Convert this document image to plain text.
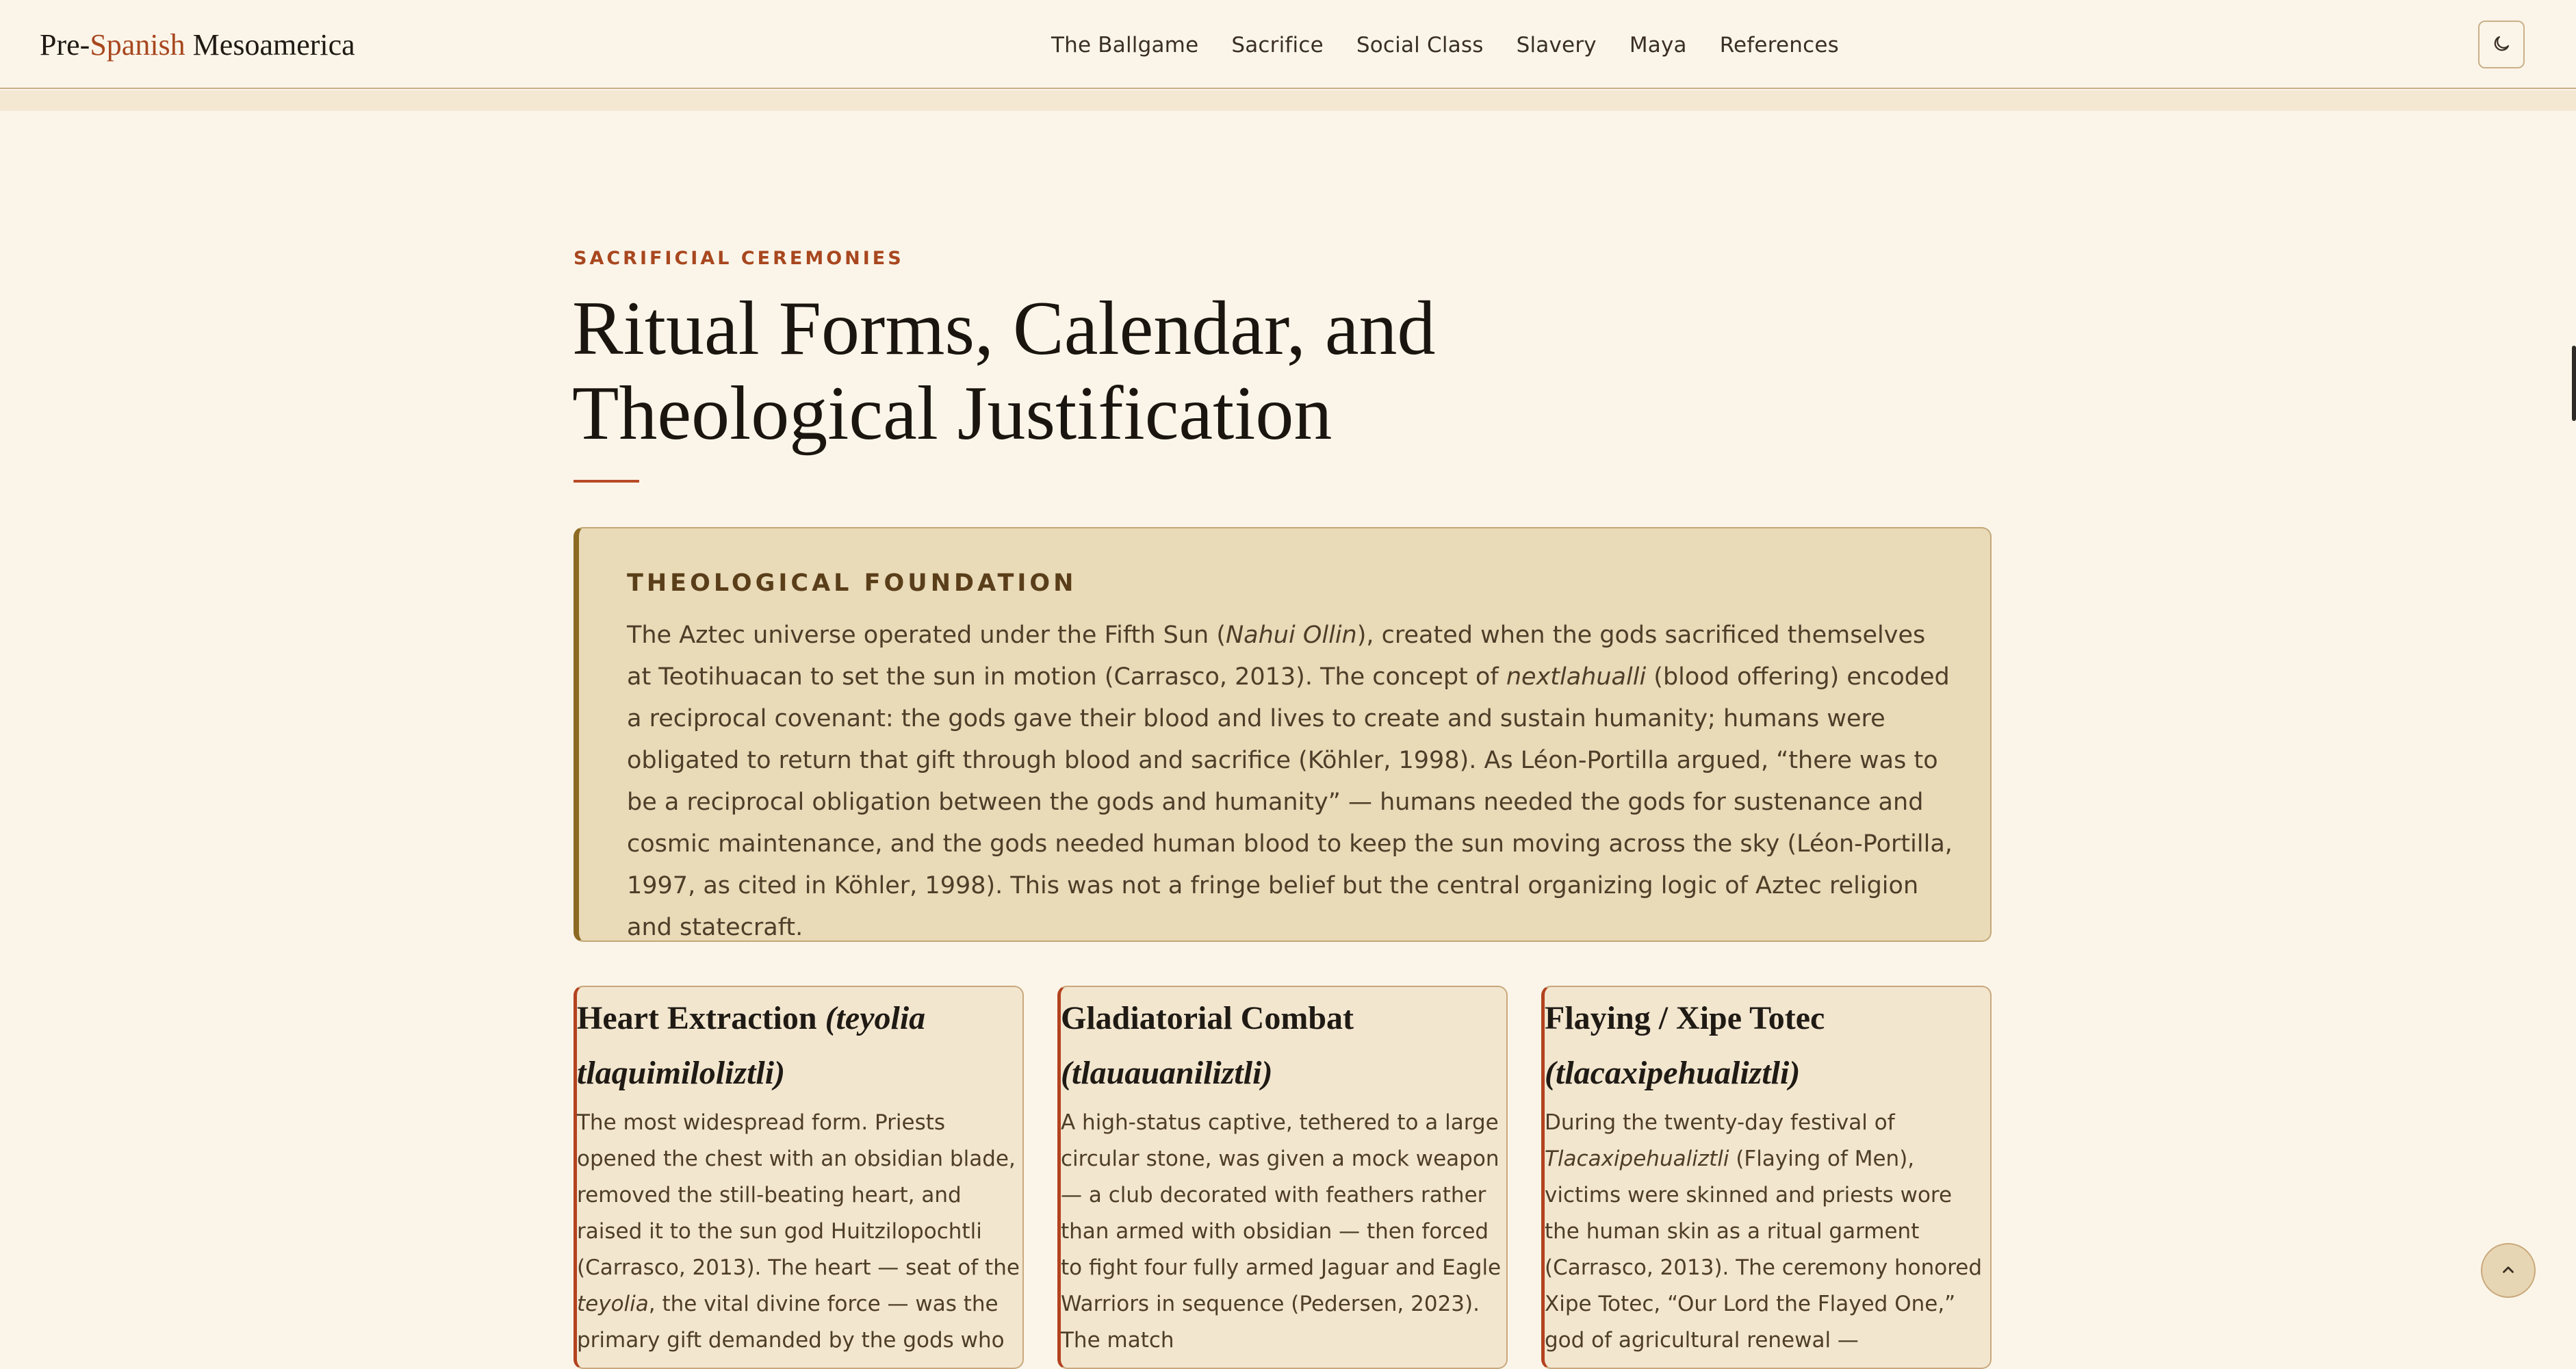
Pre-Spanish Mesoamerica	The Ballgame Sacrifice Social Class Slavery Maya References
SACRIFICIAL CEREMONIES
Ritual Forms, Calendar, and
Theological Justification
THEOLOGICAL FOUNDATION

The Aztec universe operated under the Fifth Sun (Nahui Ollin), created when the gods sacrificed themselves at Teotihuacan to set the sun in motion (Carrasco, 2013). The concept of nextlahualli (blood offering) encoded a reciprocal covenant: the gods gave their blood and lives to create and sustain humanity; humans were obligated to return that gift through blood and sacrifice (Köhler, 1998). As Léon-Portilla argued, “there was to be a reciprocal obligation between the gods and humanity” — humans needed the gods for sustenance and cosmic maintenance, and the gods needed human blood to keep the sun moving across the sky (Léon-Portilla, 1997, as cited in Köhler, 1998). This was not a fringe belief but the central organizing logic of Aztec religion and statecraft.

Heart Extraction (teyolia tlaquimiloliztli)

The most widespread form. Priests opened the chest with an obsidian blade, removed the still-beating heart, and raised it to the sun god Huitzilopochtli (Carrasco, 2013). The heart — seat of the teyolia, the vital divine force — was the primary gift demanded by the gods who

Gladiatorial Combat (tlauauaniliztli)

A high-status captive, tethered to a large circular stone, was given a mock weapon — a club decorated with feathers rather than armed with obsidian — then forced to fight four fully armed Jaguar and Eagle Warriors in sequence (Pedersen, 2023). The match

Flaying / Xipe Totec (tlacaxipehualiztli)

During the twenty-day festival of Tlacaxipehualiztli (Flaying of Men), victims were skinned and priests wore the human skin as a ritual garment (Carrasco, 2013). The ceremony honored Xipe Totec, “Our Lord the Flayed One,” god of agricultural renewal —
